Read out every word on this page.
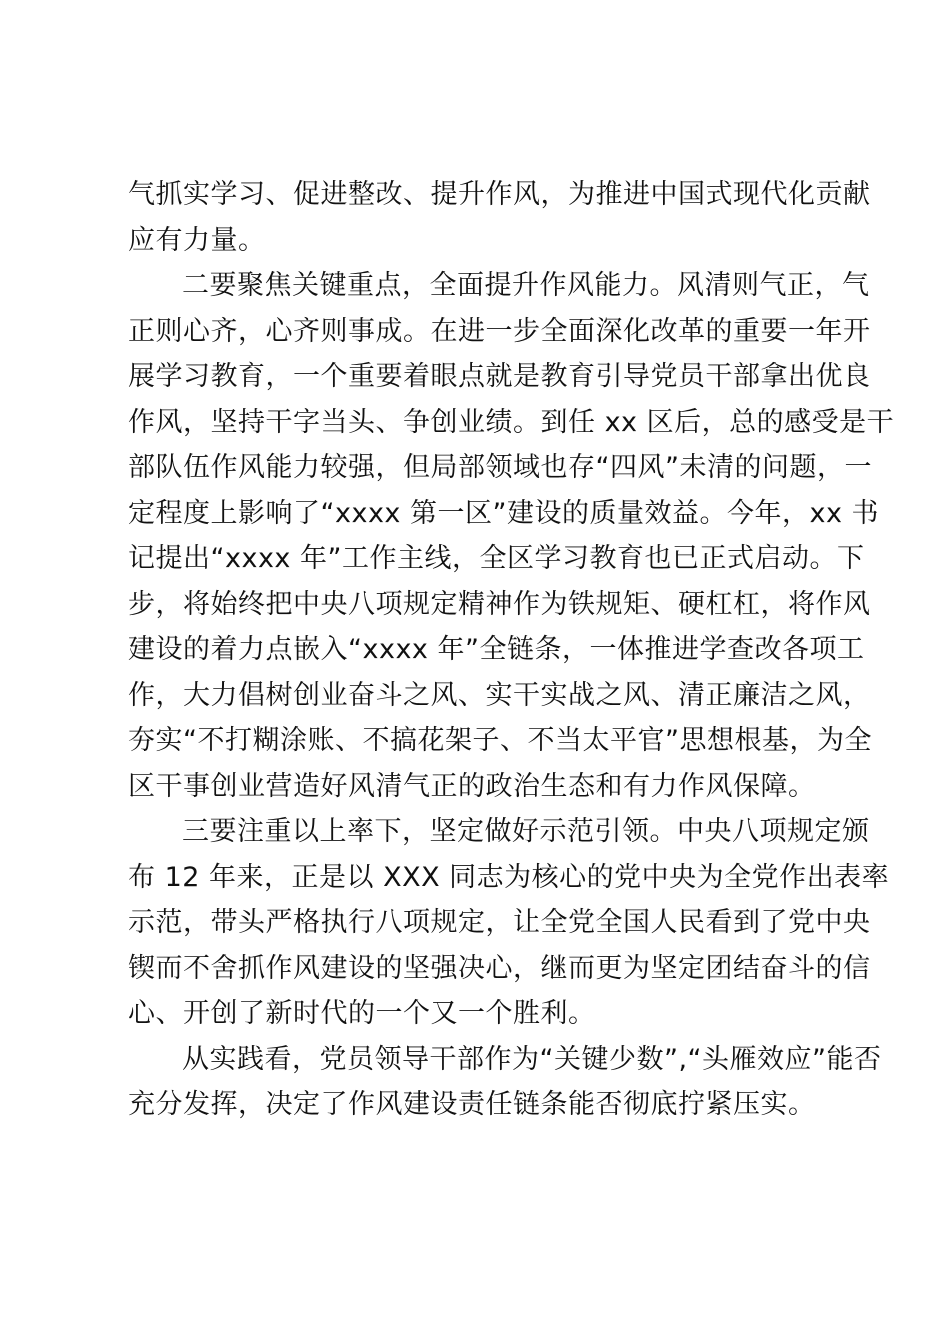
气抓实学习、促进整改、提升作风，为推进中国式现代化贡献
应有力量。
二要聚焦关键重点，全面提升作风能力。风清则气正，气
正则心齐，心齐则事成。在进一步全面深化改革的重要一年开
展学习教育，一个重要着眼点就是教育引导党员干部拿出优良
作风，坚持干字当头、争创业绩。到任 xx 区后，总的感受是干
部队伍作风能力较强，但局部领域也存“四风”未清的问题，一
定程度上影响了“xxxx 第一区”建设的质量效益。今年，xx 书
记提出“xxxx 年”工作主线，全区学习教育也已正式启动。下
步，将始终把中央八项规定精神作为铁规矩、硬杠杠，将作风
建设的着力点嵌入“xxxx 年”全链条，一体推进学查改各项工
作，大力倡树创业奋斗之风、实干实战之风、清正廉洁之风，
夯实“不打糊涂账、不搞花架子、不当太平官”思想根基，为全
区干事创业营造好风清气正的政治生态和有力作风保障。
三要注重以上率下，坚定做好示范引领。中央八项规定颁
布 12 年来，正是以 XXX 同志为核心的党中央为全党作出表率
示范，带头严格执行八项规定，让全党全国人民看到了党中央
锲而不舍抓作风建设的坚强决心，继而更为坚定团结奋斗的信
心、开创了新时代的一个又一个胜利。
从实践看，党员领导干部作为“关键少数”,“头雁效应”能否
充分发挥，决定了作风建设责任链条能否彻底拧紧压实。
